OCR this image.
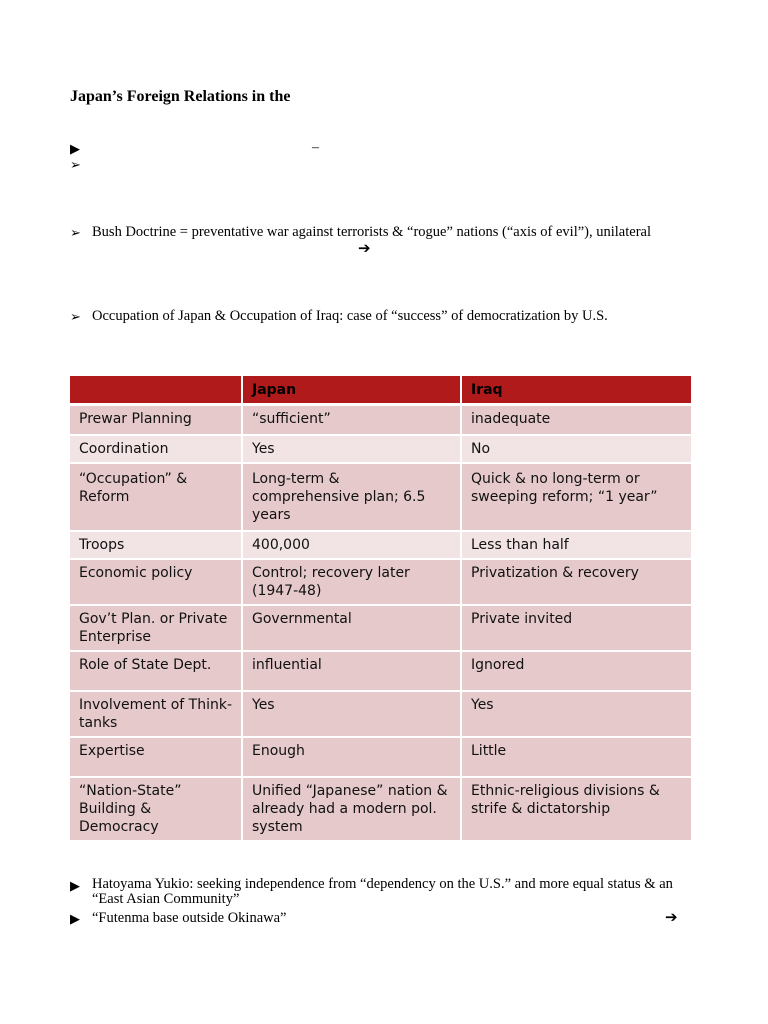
Japan’s Foreign Relations in the
▶	–
➢
➢ Bush Doctrine = preventative war against terrorists & “rogue” nations (“axis of evil”), unilateral
➔
➢ Occupation of Japan & Occupation of Iraq: case of “success” of democratization by U.S.
	Japan	Iraq
Prewar Planning	“sufficient”	inadequate
Coordination	Yes	No
“Occupation” & Reform	Long-term & comprehensive plan; 6.5 years	Quick & no long-term or sweeping reform; “1 year”
Troops	400,000	Less than half
Economic policy	Control; recovery later (1947-48)	Privatization & recovery
Gov’t Plan. or Private Enterprise	Governmental	Private invited
Role of State Dept.	influential	Ignored
Involvement of Think-tanks	Yes	Yes
Expertise	Enough	Little
“Nation-State” Building & Democracy	Unified “Japanese” nation & already had a modern pol. system	Ethnic-religious divisions & strife & dictatorship
▶ Hatoyama Yukio: seeking independence from “dependency on the U.S.” and more equal status & an “East Asian Community”
▶ “Futenma base outside Okinawa”	➔
